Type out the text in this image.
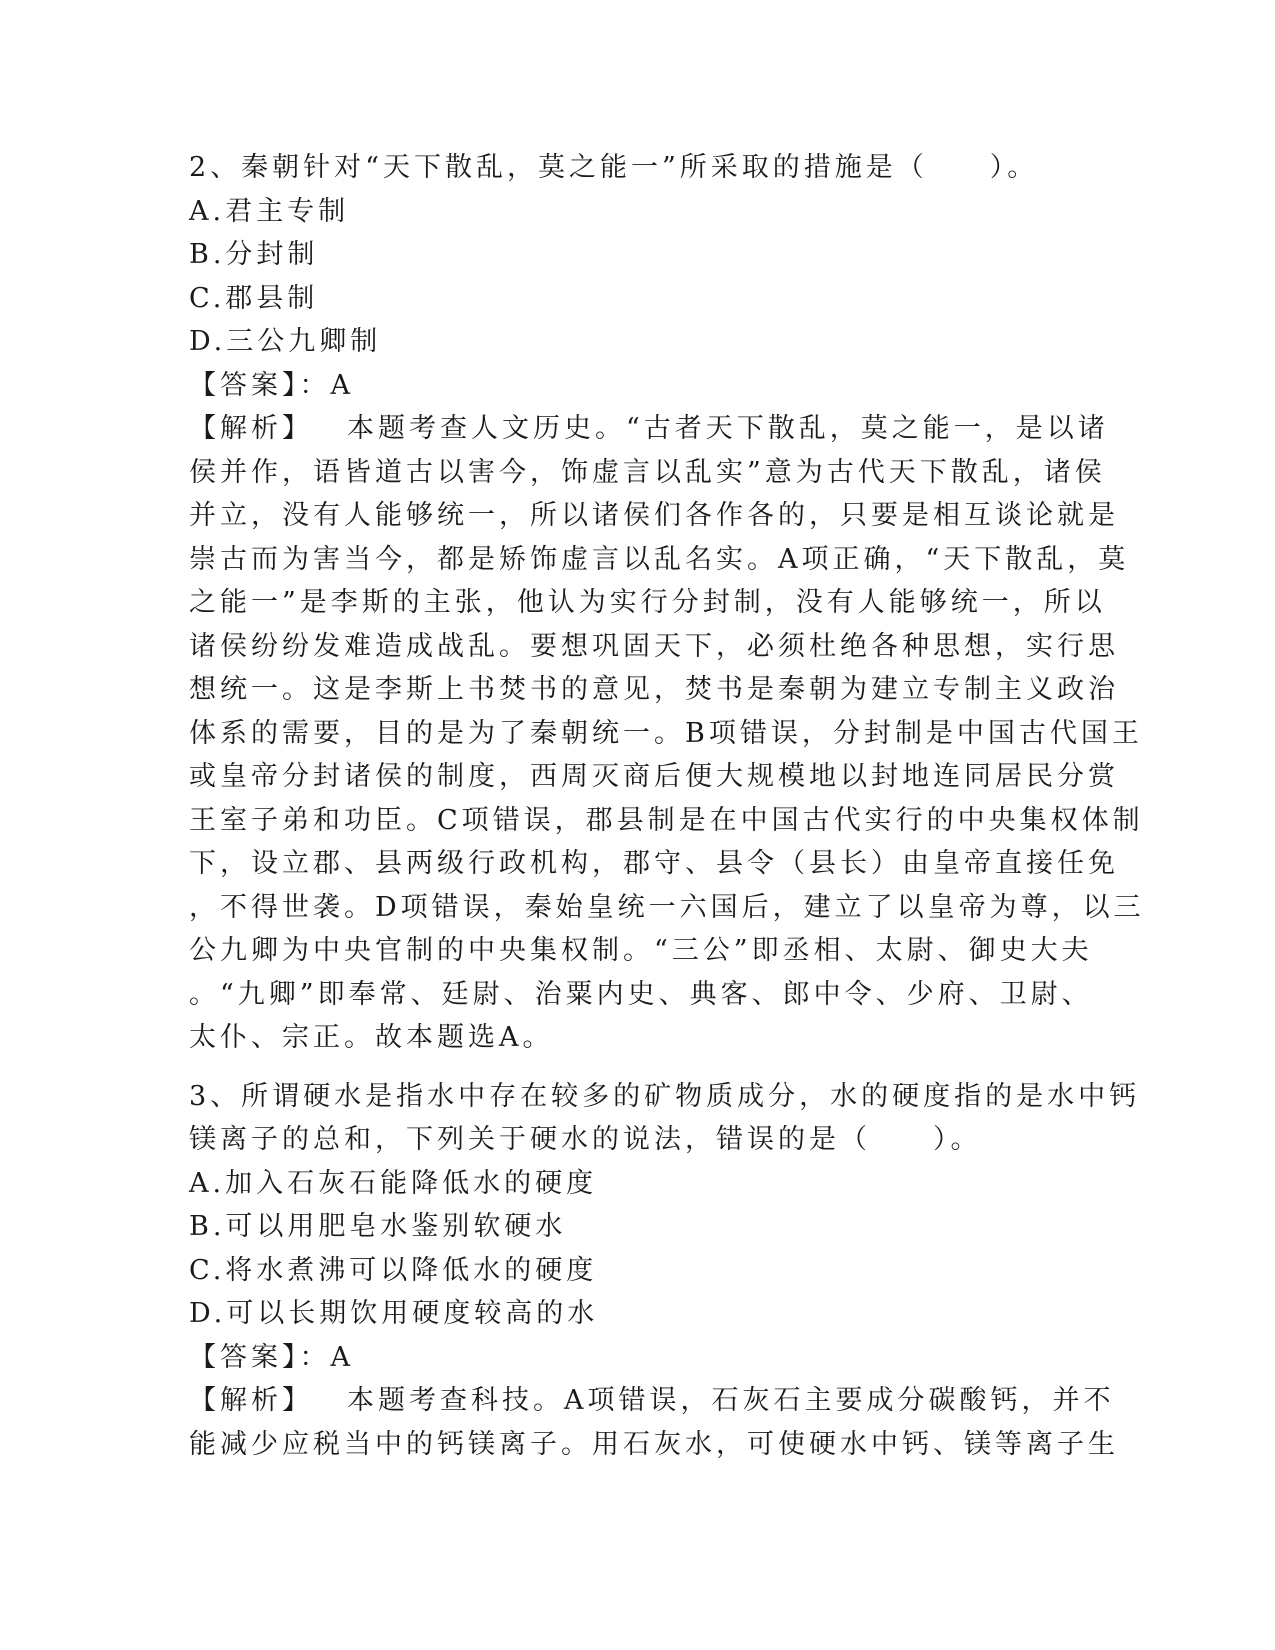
2、秦朝针对“天下散乱，莫之能一”所采取的措施是（　　）。
A.君主专制
B.分封制
C.郡县制
D.三公九卿制
【答案】：A
【解析】 本题考查人文历史。“古者天下散乱，莫之能一，是以诸
侯并作，语皆道古以害今，饰虚言以乱实”意为古代天下散乱，诸侯
并立，没有人能够统一，所以诸侯们各作各的，只要是相互谈论就是
崇古而为害当今，都是矫饰虚言以乱名实。A项正确，“天下散乱，莫
之能一”是李斯的主张，他认为实行分封制，没有人能够统一，所以
诸侯纷纷发难造成战乱。要想巩固天下，必须杜绝各种思想，实行思
想统一。这是李斯上书焚书的意见，焚书是秦朝为建立专制主义政治
体系的需要，目的是为了秦朝统一。B项错误，分封制是中国古代国王
或皇帝分封诸侯的制度，西周灭商后便大规模地以封地连同居民分赏
王室子弟和功臣。C项错误，郡县制是在中国古代实行的中央集权体制
下，设立郡、县两级行政机构，郡守、县令（县长）由皇帝直接任免
，不得世袭。D项错误，秦始皇统一六国后，建立了以皇帝为尊，以三
公九卿为中央官制的中央集权制。“三公”即丞相、太尉、御史大夫
。“九卿”即奉常、廷尉、治粟内史、典客、郎中令、少府、卫尉、
太仆、宗正。故本题选A。
3、所谓硬水是指水中存在较多的矿物质成分，水的硬度指的是水中钙
镁离子的总和，下列关于硬水的说法，错误的是（　　）。
A.加入石灰石能降低水的硬度
B.可以用肥皂水鉴别软硬水
C.将水煮沸可以降低水的硬度
D.可以长期饮用硬度较高的水
【答案】：A
【解析】 本题考查科技。A项错误，石灰石主要成分碳酸钙，并不
能减少应税当中的钙镁离子。用石灰水，可使硬水中钙、镁等离子生
